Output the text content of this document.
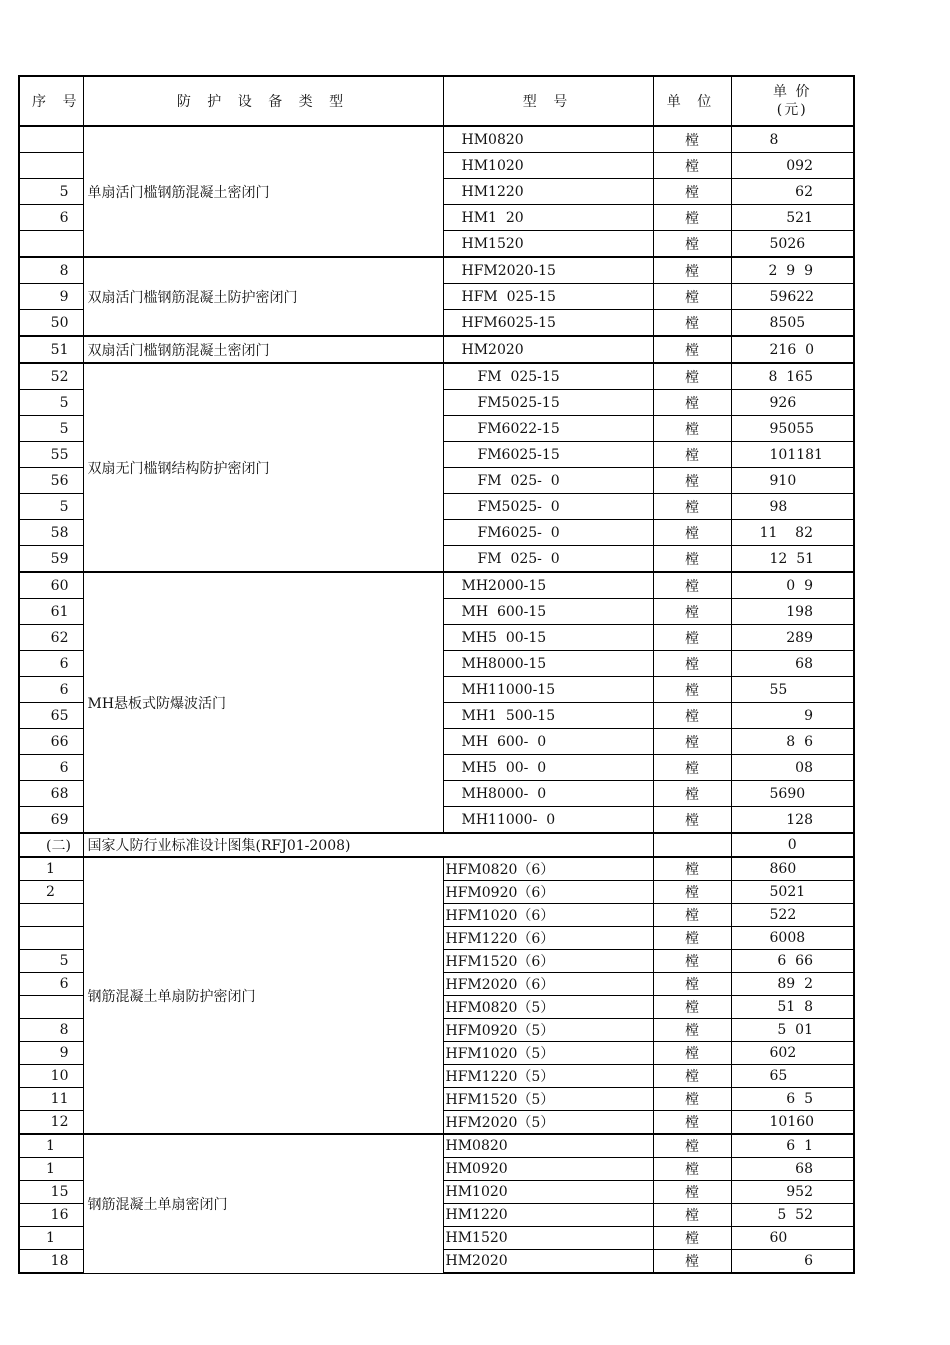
序 号	防 护 设 备 类 型	型 号	单 位	单 价
(元)

	单扇活门槛钢筋混凝土密闭门	HM0820	樘	8
		HM1020	樘	092
5		HM1220	樘	62
6		HM1  20	樘	521
		HM1520	樘	5026
8	双扇活门槛钢筋混凝土防护密闭门	HFM2020-15	樘	2  9  9
9		HFM  025-15	樘	59622
50		HFM6025-15	樘	8505
51	双扇活门槛钢筋混凝土密闭门	HM2020	樘	216  0
52	双扇无门槛钢结构防护密闭门	FM  025-15	樘	8  165
5		FM5025-15	樘	926
5		FM6022-15	樘	95055
55		FM6025-15	樘	101181
56		FM  025-  0	樘	910
5		FM5025-  0	樘	98
58		FM6025-  0	樘	11    82
59		FM  025-  0	樘	12  51
60	MH悬板式防爆波活门	MH2000-15	樘	0  9
61		MH  600-15	樘	198
62		MH5  00-15	樘	289
6		MH8000-15	樘	68
6		MH11000-15	樘	55
65		MH1  500-15	樘	9
66		MH  600-  0	樘	8  6
6		MH5  00-  0	樘	08
68		MH8000-  0	樘	5690
69		MH11000-  0	樘	128
(二)	国家人防行业标准设计图集(RFJ01-2008)			0
1	钢筋混凝土单扇防护密闭门	HFM0820（6）	樘	860
2		HFM0920（6）	樘	5021
		HFM1020（6）	樘	522
		HFM1220（6）	樘	6008
5		HFM1520（6）	樘	6  66
6		HFM2020（6）	樘	89  2
		HFM0820（5）	樘	51  8
8		HFM0920（5）	樘	5  01
9		HFM1020（5）	樘	602
10		HFM1220（5）	樘	65
11		HFM1520（5）	樘	6  5
12		HFM2020（5）	樘	10160
1	钢筋混凝土单扇密闭门	HM0820	樘	6  1
1		HM0920	樘	68
15		HM1020	樘	952
16		HM1220	樘	5  52
1		HM1520	樘	60
18		HM2020	樘	6
